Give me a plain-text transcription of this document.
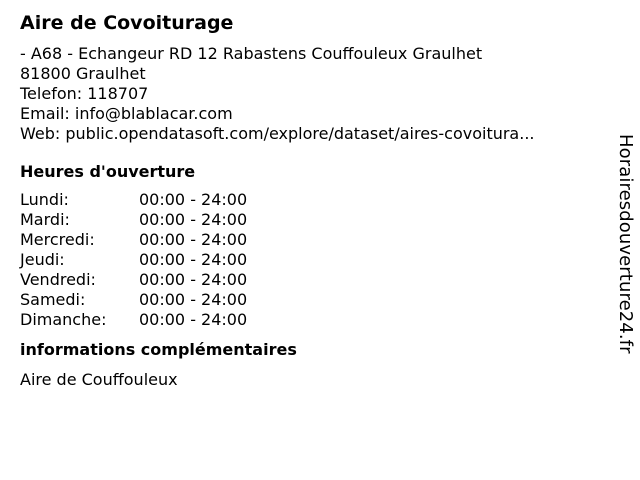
Aire de Covoiturage
- A68 - Echangeur RD 12 Rabastens Couffouleux Graulhet
81800 Graulhet
Telefon: 118707
Email: info@blablacar.com
Web: public.opendatasoft.com/explore/dataset/aires-covoitura...
Heures d'ouverture
Lundi:	00:00 - 24:00
Mardi:	00:00 - 24:00
Mercredi:	00:00 - 24:00
Jeudi:	00:00 - 24:00
Vendredi:	00:00 - 24:00
Samedi:	00:00 - 24:00
Dimanche: 00:00 - 24:00
informations complémentaires
Aire de Couffouleux
Horairesdouverture24.fr
